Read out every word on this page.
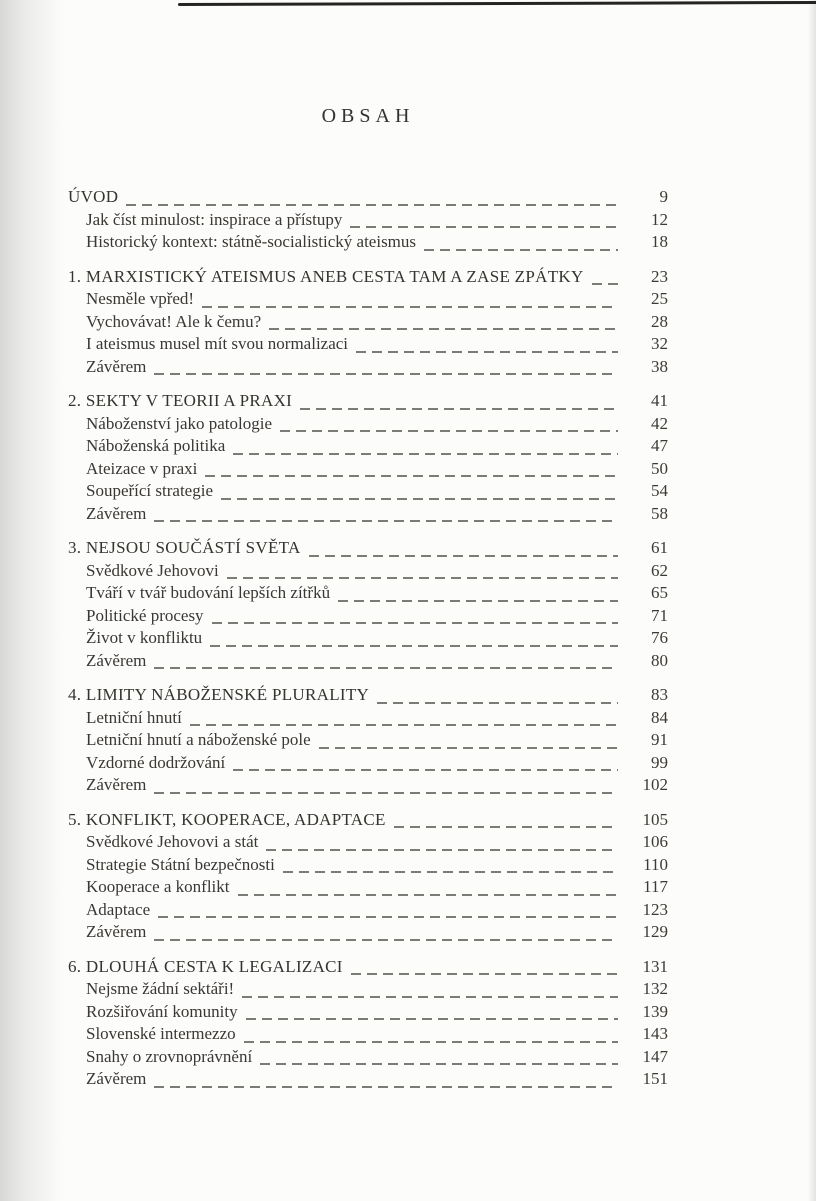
OBSAH
ÚVOD	9
Jak číst minulost: inspirace a přístupy	12
Historický kontext: státně-socialistický ateismus	18
1. MARXISTICKÝ ATEISMUS ANEB CESTA TAM A ZASE ZPÁTKY	23
Nesměle vpřed!	25
Vychovávat! Ale k čemu?	28
I ateismus musel mít svou normalizaci	32
Závěrem	38
2. SEKTY V TEORII A PRAXI	41
Náboženství jako patologie	42
Náboženská politika	47
Ateizace v praxi	50
Soupeřící strategie	54
Závěrem	58
3. NEJSOU SOUČÁSTÍ SVĚTA	61
Svědkové Jehovovi	62
Tváří v tvář budování lepších zítřků	65
Politické procesy	71
Život v konfliktu	76
Závěrem	80
4. LIMITY NÁBOŽENSKÉ PLURALITY	83
Letniční hnutí	84
Letniční hnutí a náboženské pole	91
Vzdorné dodržování	99
Závěrem	102
5. KONFLIKT, KOOPERACE, ADAPTACE	105
Svědkové Jehovovi a stát	106
Strategie Státní bezpečnosti	110
Kooperace a konflikt	117
Adaptace	123
Závěrem	129
6. DLOUHÁ CESTA K LEGALIZACI	131
Nejsme žádní sektáři!	132
Rozšiřování komunity	139
Slovenské intermezzo	143
Snahy o zrovnoprávnění	147
Závěrem	151
